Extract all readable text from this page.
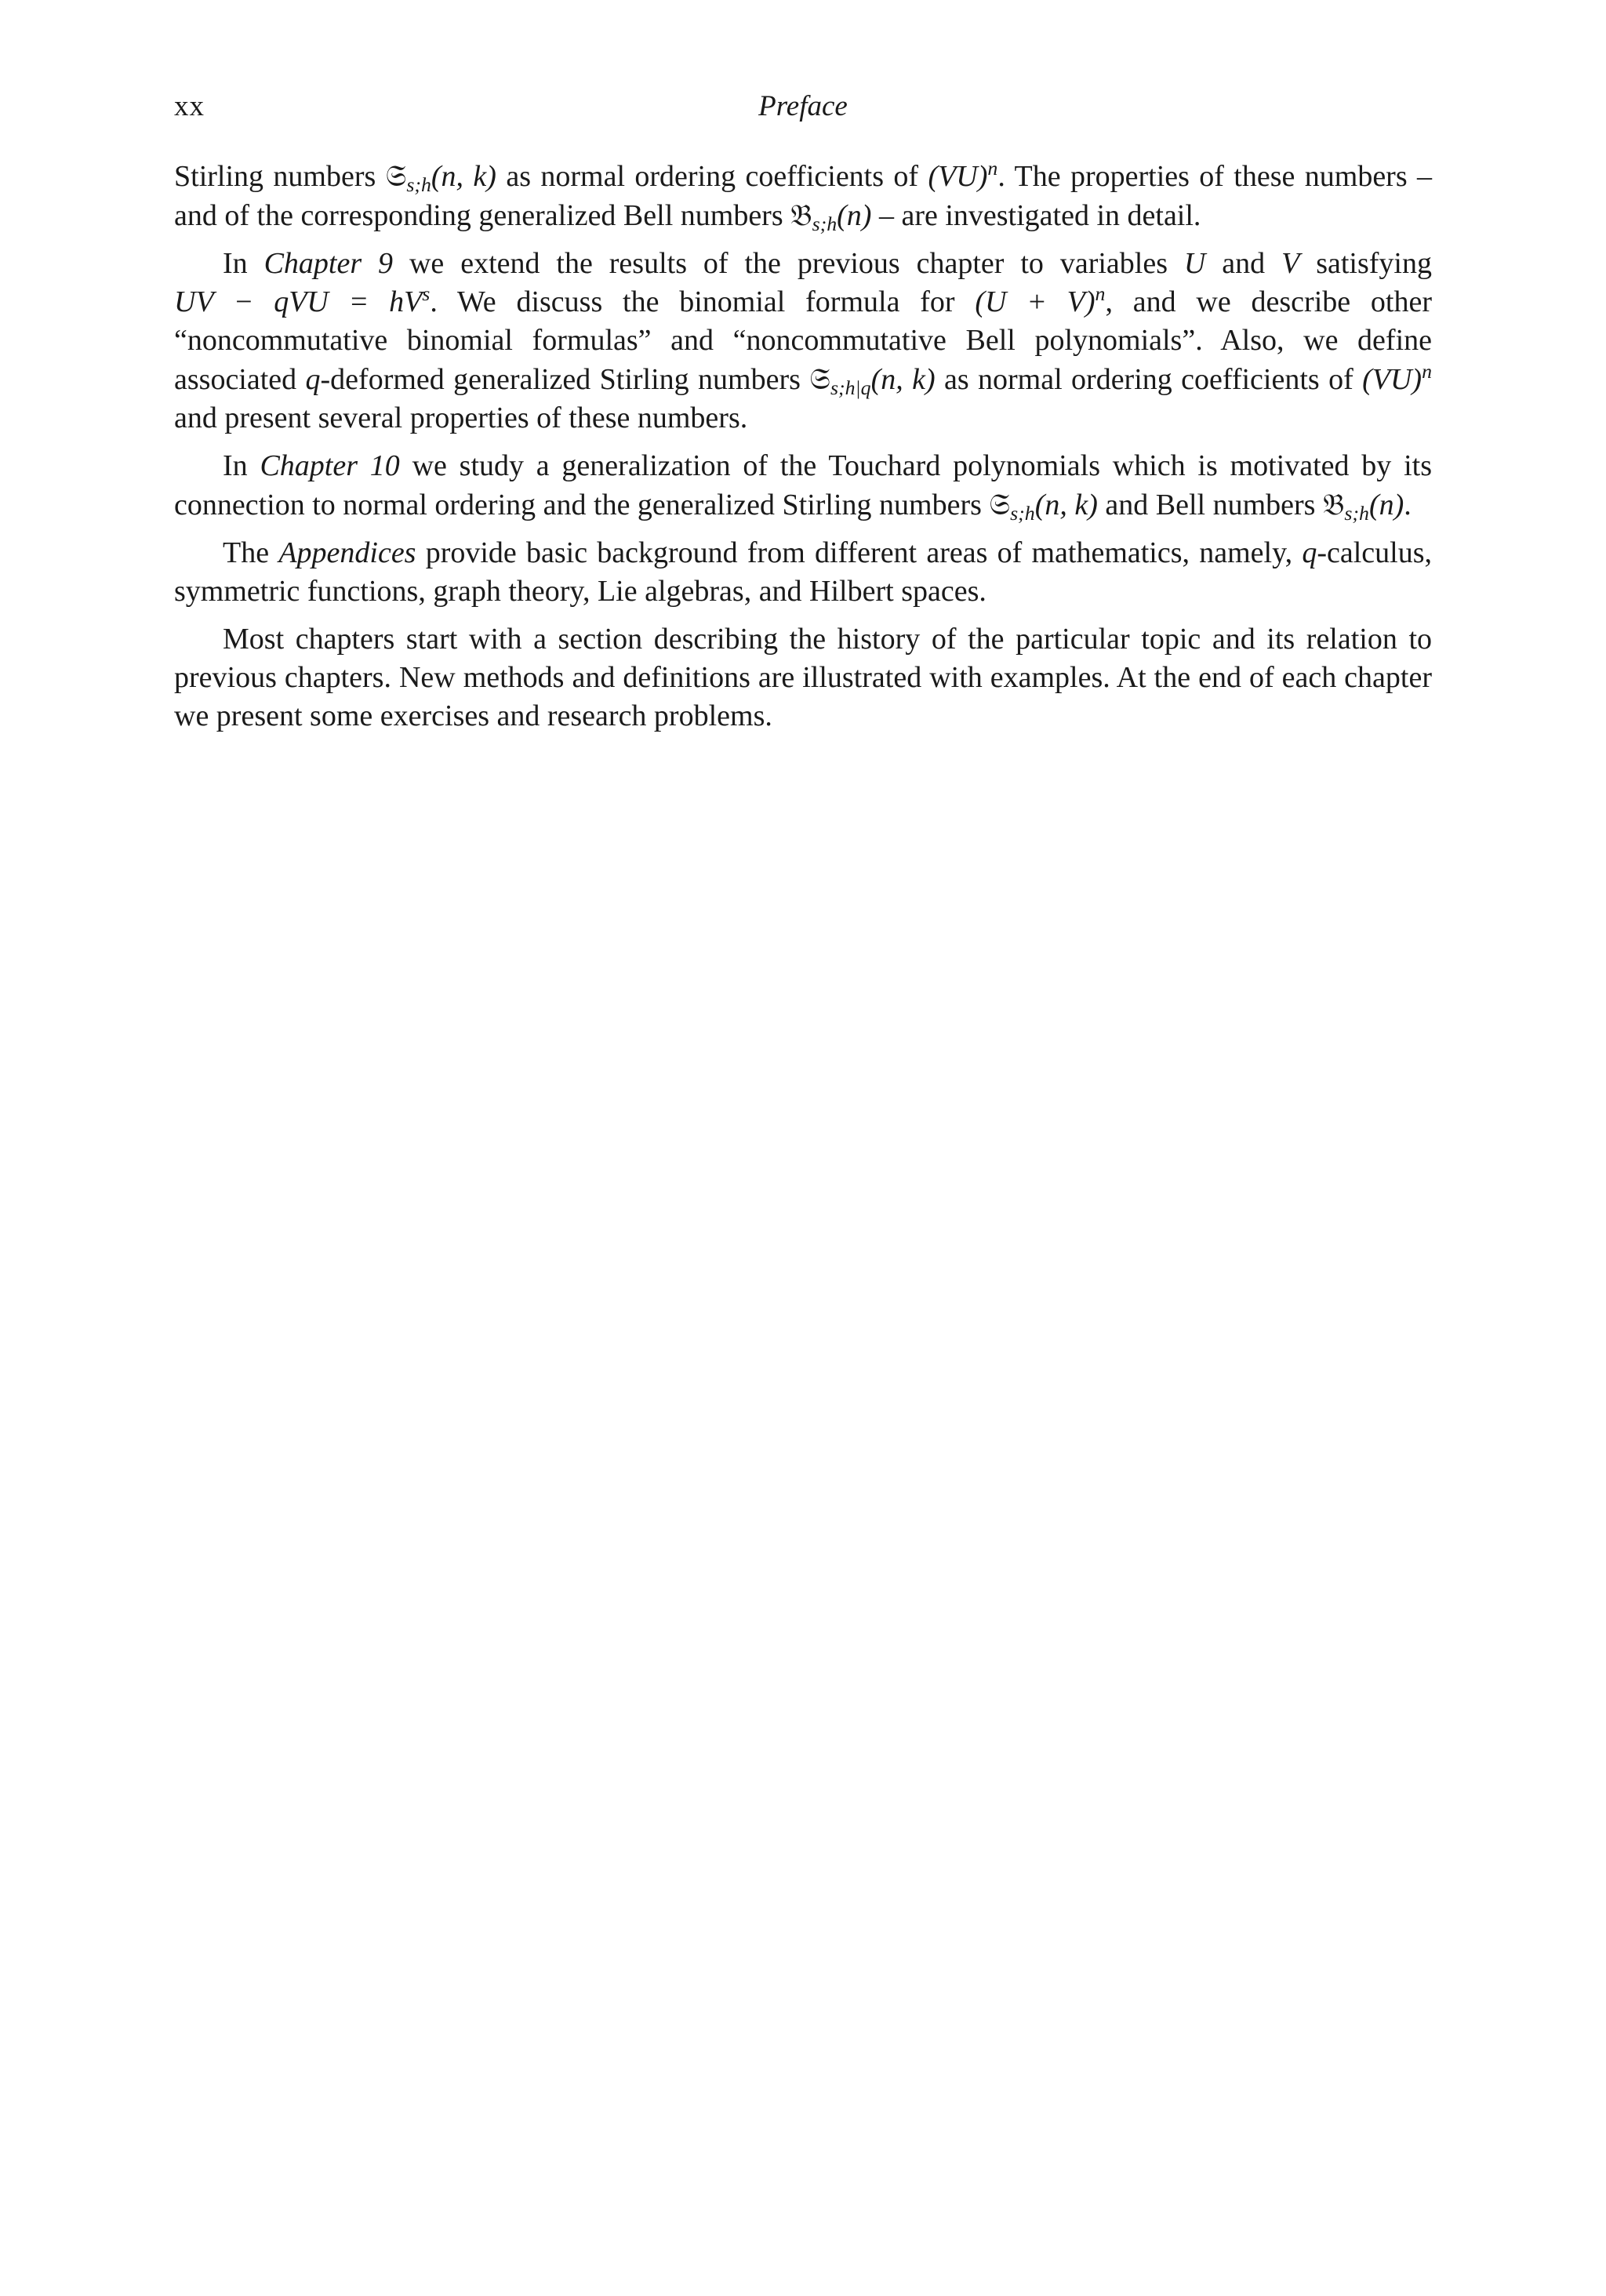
xx	Preface

Stirling numbers 𝔖$_{s;h}$(n, k) as normal ordering coefficients of (VU)$^n$. The properties of these numbers – and of the corresponding generalized Bell numbers 𝔅$_{s;h}$(n) – are investigated in detail.

In Chapter 9 we extend the results of the previous chapter to variables U and V satisfying UV − qVU = $hV^s$. We discuss the binomial formula for $(U + V)^n$, and we describe other “noncommutative binomial formulas” and “noncommutative Bell polynomials”. Also, we define associated q-deformed generalized Stirling numbers 𝔖$_{s;h|q}$(n, k) as normal ordering coefficients of (VU)$^n$ and present several properties of these numbers.

In Chapter 10 we study a generalization of the Touchard polynomials which is motivated by its connection to normal ordering and the generalized Stirling numbers 𝔖$_{s;h}$(n, k) and Bell numbers 𝔅$_{s;h}$(n).

The Appendices provide basic background from different areas of mathematics, namely, q-calculus, symmetric functions, graph theory, Lie algebras, and Hilbert spaces.

Most chapters start with a section describing the history of the particular topic and its relation to previous chapters. New methods and definitions are illustrated with examples. At the end of each chapter we present some exercises and research problems.
